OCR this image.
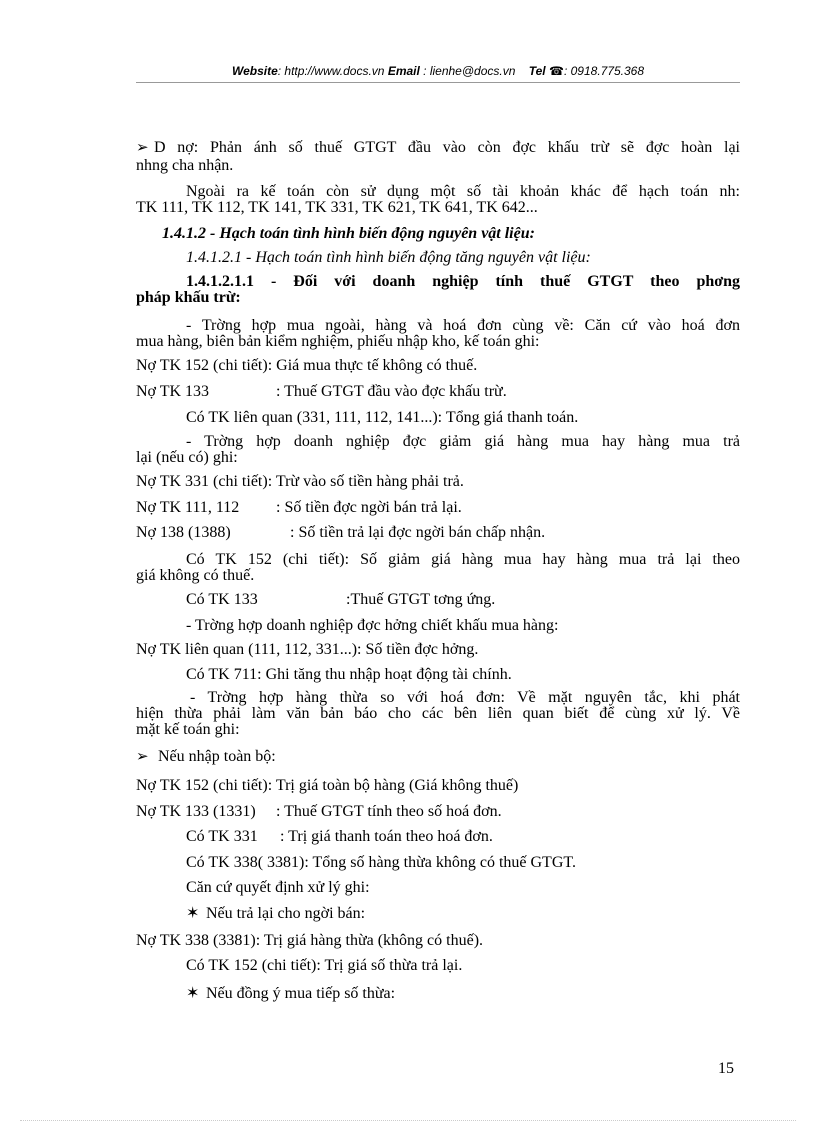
Website: http://www.docs.vn Email : lienhe@docs.vn Tel ☎: 0918.775.368
➢ D nợ: Phản ánh số thuế GTGT đầu vào còn đợc khấu trừ sẽ đợc hoàn lại
nhng cha nhận.
Ngoài ra kế toán còn sử dụng một số tài khoản khác để hạch toán nh:
TK 111, TK 112, TK 141, TK 331, TK 621, TK 641, TK 642...
1.4.1.2 - Hạch toán tình hình biến động nguyên vật liệu:
1.4.1.2.1 - Hạch toán tình hình biến động tăng nguyên vật liệu:
1.4.1.2.1.1 - Đối với doanh nghiệp tính thuế GTGT theo phơng
pháp khấu trừ:
- Trờng hợp mua ngoài, hàng và hoá đơn cùng về: Căn cứ vào hoá đơn
mua hàng, biên bản kiểm nghiệm, phiếu nhập kho, kế toán ghi:
Nợ TK 152 (chi tiết): Giá mua thực tế không có thuế.
Nợ TK 133	: Thuế GTGT đầu vào đợc khấu trừ.
Có TK liên quan (331, 111, 112, 141...): Tổng giá thanh toán.
- Trờng hợp doanh nghiệp đợc giảm giá hàng mua hay hàng mua trả
lại (nếu có) ghi:
Nợ TK 331 (chi tiết): Trừ vào số tiền hàng phải trả.
Nợ TK 111, 112 : Số tiền đợc ngời bán trả lại.
Nợ 138 (1388)	: Số tiền trả lại đợc ngời bán chấp nhận.
Có TK 152 (chi tiết): Số giảm giá hàng mua hay hàng mua trả lại theo
giá không có thuế.
Có TK 133	:Thuế GTGT tơng ứng.
- Trờng hợp doanh nghiệp đợc hởng chiết khấu mua hàng:
Nợ TK liên quan (111, 112, 331...): Số tiền đợc hởng.
Có TK 711: Ghi tăng thu nhập hoạt động tài chính.
- Trờng hợp hàng thừa so với hoá đơn: Về mặt nguyên tắc, khi phát
hiện thừa phải làm văn bản báo cho các bên liên quan biết để cùng xử lý. Về
mặt kế toán ghi:
➢ Nếu nhập toàn bộ:
Nợ TK 152 (chi tiết): Trị giá toàn bộ hàng (Giá không thuế)
Nợ TK 133 (1331) : Thuế GTGT tính theo số hoá đơn.
Có TK 331 : Trị giá thanh toán theo hoá đơn.
Có TK 338( 3381): Tổng số hàng thừa không có thuế GTGT.
Căn cứ quyết định xử lý ghi:
✶ Nếu trả lại cho ngời bán:
Nợ TK 338 (3381): Trị giá hàng thừa (không có thuế).
Có TK 152 (chi tiết): Trị giá số thừa trả lại.
✶ Nếu đồng ý mua tiếp số thừa:
15
